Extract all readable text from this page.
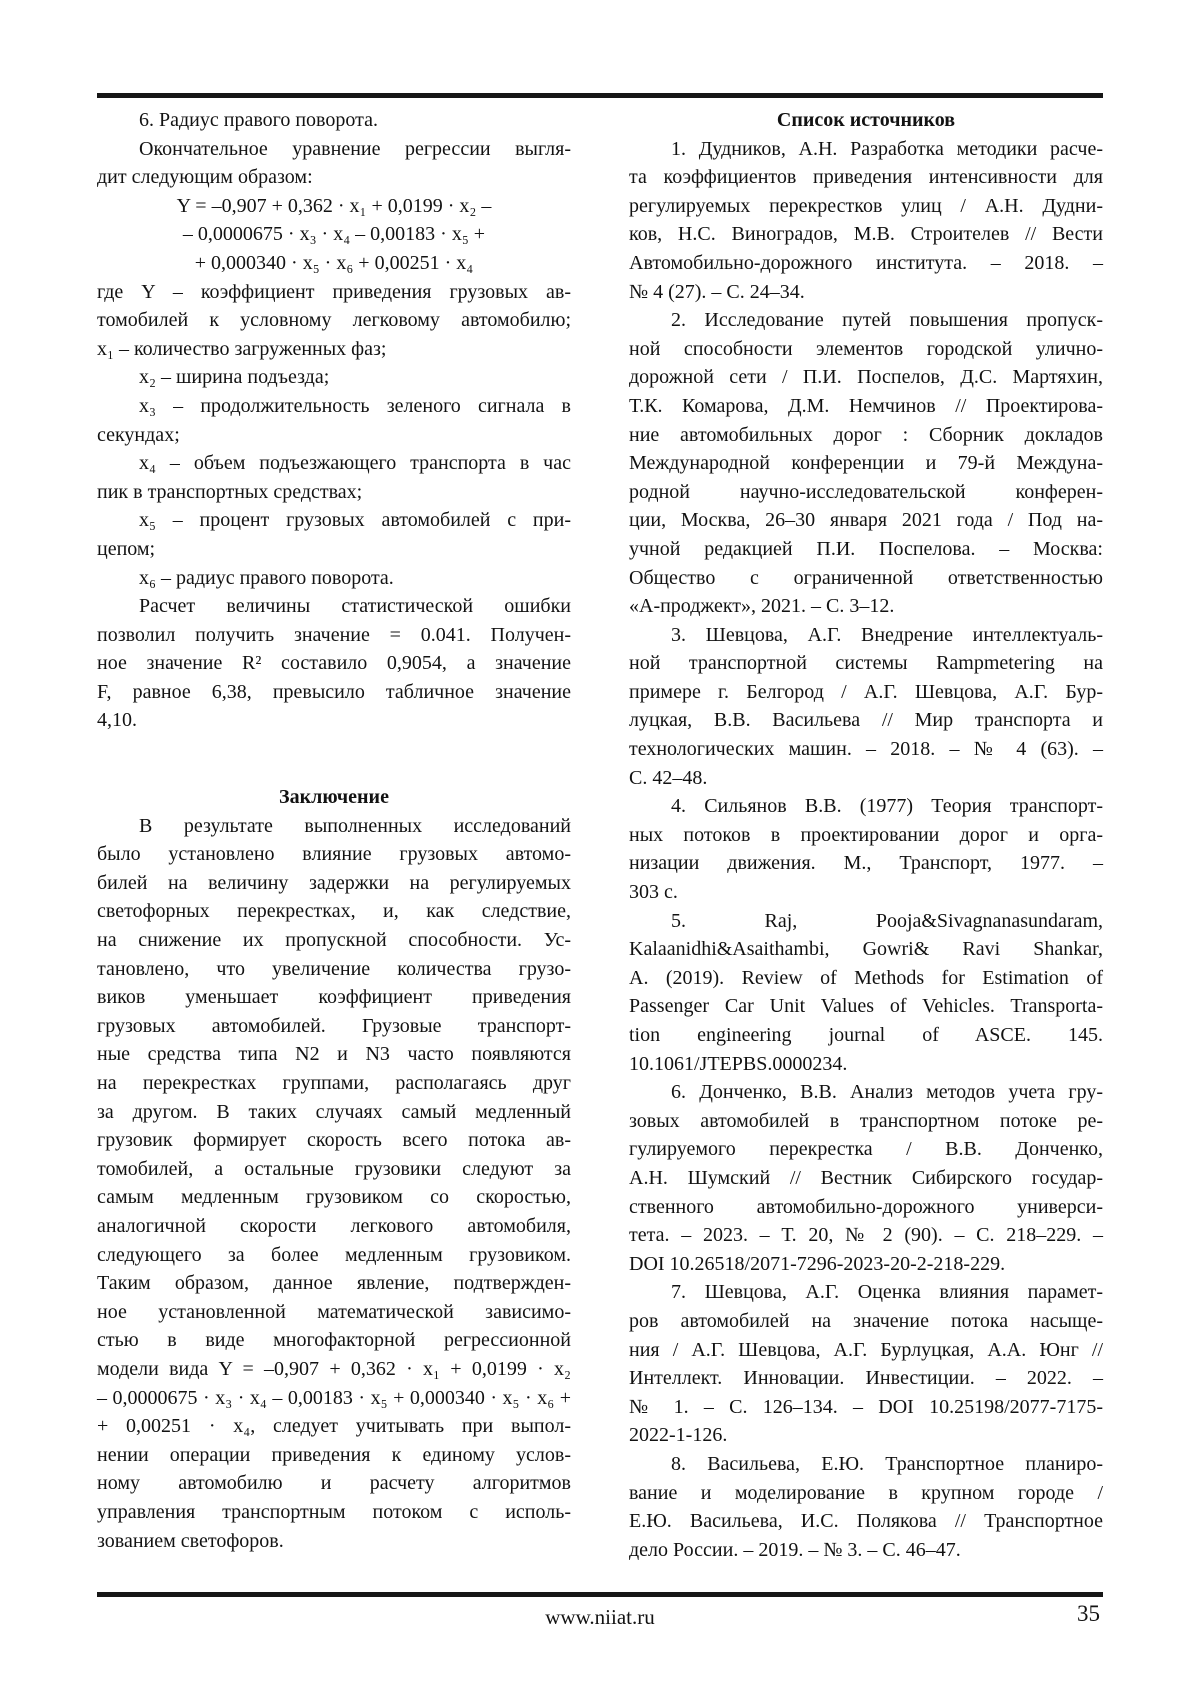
6. Радиус правого поворота.
Окончательное уравнение регрессии выгля-
дит следующим образом:
Y = –0,907 + 0,362 · x₁ + 0,0199 · x₂ –
– 0,0000675 · x₃ · x₄ – 0,00183 · x₅ +
+ 0,000340 · x₅ · x₆ + 0,00251 · x₄
где Y – коэффициент приведения грузовых ав-
томобилей к условному легковому автомобилю;
x₁ – количество загруженных фаз;
x₂ – ширина подъезда;
x₃ – продолжительность зеленого сигнала в
секундах;
x₄ – объем подъезжающего транспорта в час
пик в транспортных средствах;
x₅ – процент грузовых автомобилей с при-
цепом;
x₆ – радиус правого поворота.
Расчет величины статистической ошибки
позволил получить значение = 0.041. Получен-
ное значение R² составило 0,9054, а значение
F, равное 6,38, превысило табличное значение
4,10.
Заключение
В результате выполненных исследований
было установлено влияние грузовых автомо-
билей на величину задержки на регулируемых
светофорных перекрестках, и, как следствие,
на снижение их пропускной способности. Ус-
тановлено, что увеличение количества грузо-
виков уменьшает коэффициент приведения
грузовых автомобилей. Грузовые транспорт-
ные средства типа N2 и N3 часто появляются
на перекрестках группами, располагаясь друг
за другом. В таких случаях самый медленный
грузовик формирует скорость всего потока ав-
томобилей, а остальные грузовики следуют за
самым медленным грузовиком со скоростью,
аналогичной скорости легкового автомобиля,
следующего за более медленным грузовиком.
Таким образом, данное явление, подтвержден-
ное установленной математической зависимо-
стью в виде многофакторной регрессионной
модели вида Y = –0,907 + 0,362 · x₁ + 0,0199 · x₂
– 0,0000675 · x₃ · x₄ – 0,00183 · x₅ + 0,000340 · x₅ · x₆ +
+ 0,00251 · x₄, следует учитывать при выпол-
нении операции приведения к единому услов-
ному автомобилю и расчету алгоритмов
управления транспортным потоком с исполь-
зованием светофоров.
Список источников
1. Дудников, А.Н. Разработка методики расче-
та коэффициентов приведения интенсивности для
регулируемых перекрестков улиц / А.Н. Дудни-
ков, Н.С. Виноградов, М.В. Строителев // Вести
Автомобильно-дорожного института. – 2018. –
№ 4 (27). – С. 24–34.
2. Исследование путей повышения пропуск-
ной способности элементов городской улично-
дорожной сети / П.И. Поспелов, Д.С. Мартяхин,
Т.К. Комарова, Д.М. Немчинов // Проектирова-
ние автомобильных дорог : Сборник докладов
Международной конференции и 79-й Междуна-
родной научно-исследовательской конферен-
ции, Москва, 26–30 января 2021 года / Под на-
учной редакцией П.И. Поспелова. – Москва:
Общество с ограниченной ответственностью
«А-проджект», 2021. – С. 3–12.
3. Шевцова, А.Г. Внедрение интеллектуаль-
ной транспортной системы Rampmetering на
примере г. Белгород / А.Г. Шевцова, А.Г. Бур-
луцкая, В.В. Васильева // Мир транспорта и
технологических машин. – 2018. – № 4 (63). –
С. 42–48.
4. Сильянов В.В. (1977) Теория транспорт-
ных потоков в проектировании дорог и орга-
низации движения. М., Транспорт, 1977. –
303 с.
5. Raj, Pooja&Sivagnanasundaram,
Kalaanidhi&Asaithambi, Gowri& Ravi Shankar,
A. (2019). Review of Methods for Estimation of
Passenger Car Unit Values of Vehicles. Transporta-
tion engineering journal of ASCE. 145.
10.1061/JTEPBS.0000234.
6. Донченко, В.В. Анализ методов учета гру-
зовых автомобилей в транспортном потоке ре-
гулируемого перекрестка / В.В. Донченко,
А.Н. Шумский // Вестник Сибирского государ-
ственного автомобильно-дорожного универси-
тета. – 2023. – Т. 20, № 2 (90). – С. 218–229. –
DOI 10.26518/2071-7296-2023-20-2-218-229.
7. Шевцова, А.Г. Оценка влияния парамет-
ров автомобилей на значение потока насыще-
ния / А.Г. Шевцова, А.Г. Бурлуцкая, А.А. Юнг //
Интеллект. Инновации. Инвестиции. – 2022. –
№ 1. – С. 126–134. – DOI 10.25198/2077-7175-
2022-1-126.
8. Васильева, Е.Ю. Транспортное планиро-
вание и моделирование в крупном городе /
Е.Ю. Васильева, И.С. Полякова // Транспортное
дело России. – 2019. – № 3. – С. 46–47.
www.niiat.ru	35
